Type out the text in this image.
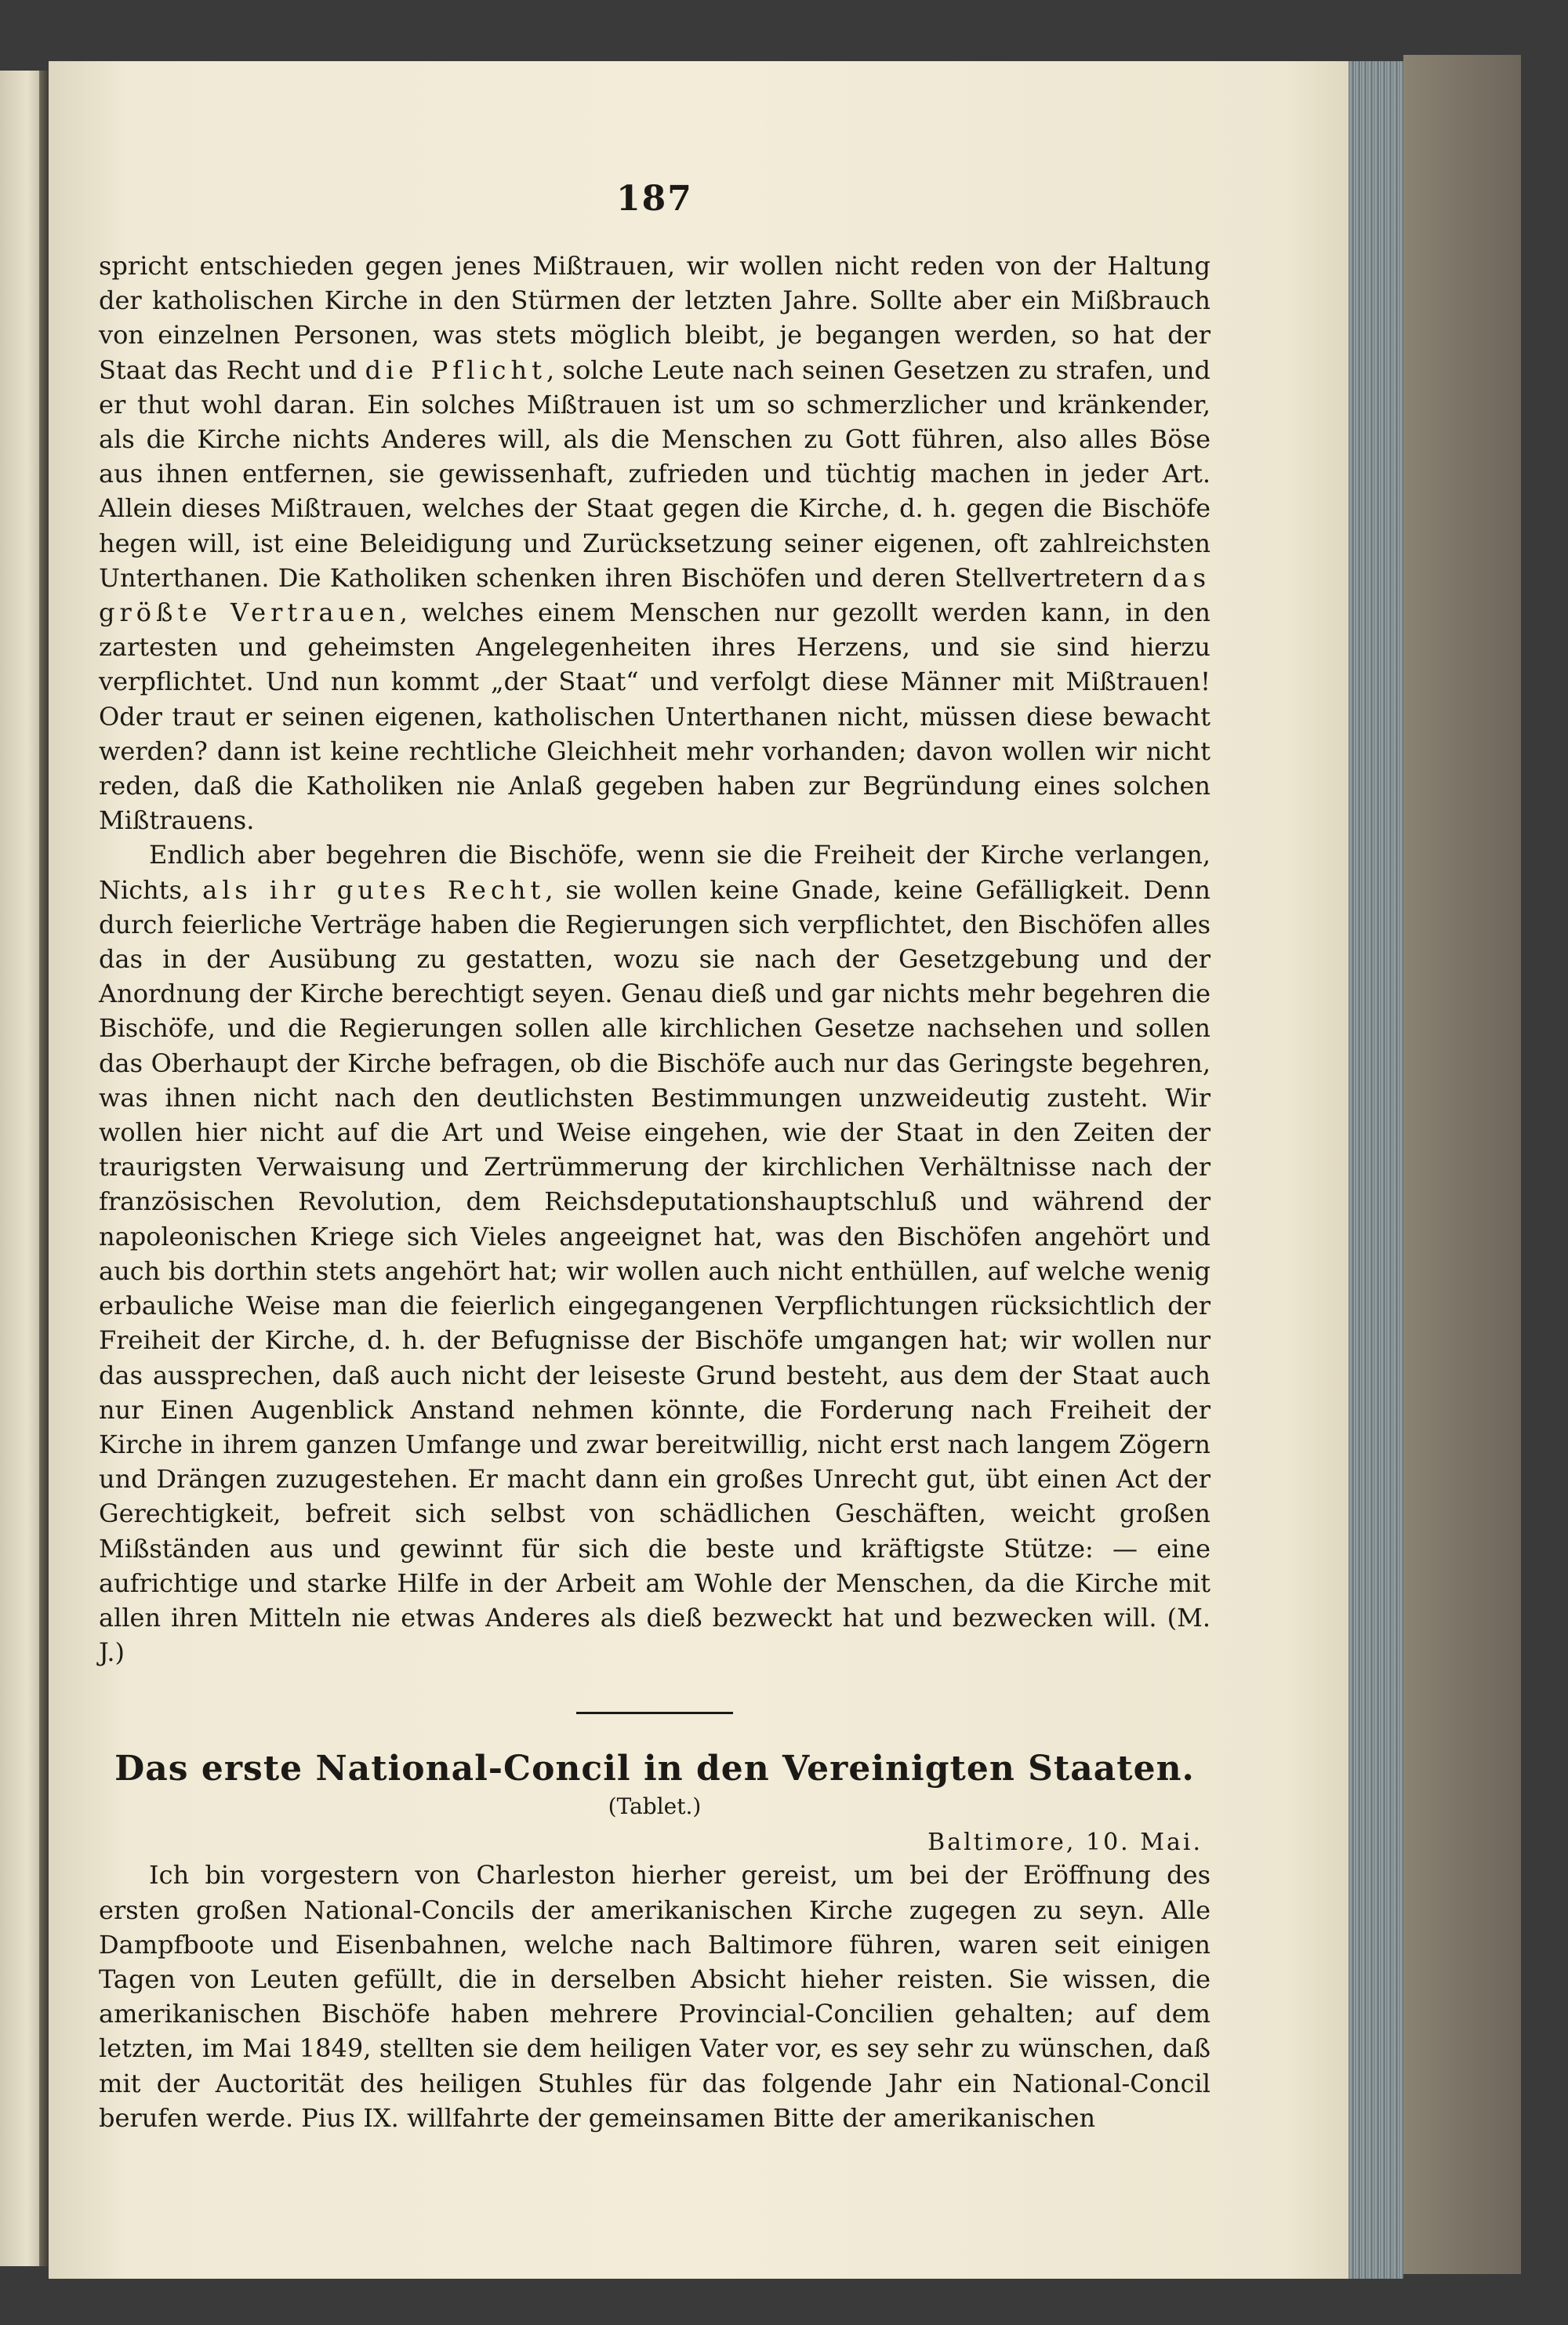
187

spricht entschieden gegen jenes Mißtrauen, wir wollen nicht reden von der Haltung der katholischen Kirche in den Stürmen der letzten Jahre. Sollte aber ein Mißbrauch von einzelnen Personen, was stets möglich bleibt, je begangen werden, so hat der Staat das Recht und die Pflicht, solche Leute nach seinen Gesetzen zu strafen, und er thut wohl daran. Ein solches Mißtrauen ist um so schmerzlicher und kränkender, als die Kirche nichts Anderes will, als die Menschen zu Gott führen, also alles Böse aus ihnen entfernen, sie gewissenhaft, zufrieden und tüchtig machen in jeder Art. Allein dieses Mißtrauen, welches der Staat gegen die Kirche, d. h. gegen die Bischöfe hegen will, ist eine Beleidigung und Zurücksetzung seiner eigenen, oft zahlreichsten Unterthanen. Die Katholiken schenken ihren Bischöfen und deren Stellvertretern das größte Vertrauen, welches einem Menschen nur gezollt werden kann, in den zartesten und geheimsten Angelegenheiten ihres Herzens, und sie sind hierzu verpflichtet. Und nun kommt „der Staat“ und verfolgt diese Männer mit Mißtrauen! Oder traut er seinen eigenen, katholischen Unterthanen nicht, müssen diese bewacht werden? dann ist keine rechtliche Gleichheit mehr vorhanden; davon wollen wir nicht reden, daß die Katholiken nie Anlaß gegeben haben zur Begründung eines solchen Mißtrauens.

Endlich aber begehren die Bischöfe, wenn sie die Freiheit der Kirche verlangen, Nichts, als ihr gutes Recht, sie wollen keine Gnade, keine Gefälligkeit. Denn durch feierliche Verträge haben die Regierungen sich verpflichtet, den Bischöfen alles das in der Ausübung zu gestatten, wozu sie nach der Gesetzgebung und der Anordnung der Kirche berechtigt seyen. Genau dieß und gar nichts mehr begehren die Bischöfe, und die Regierungen sollen alle kirchlichen Gesetze nachsehen und sollen das Oberhaupt der Kirche befragen, ob die Bischöfe auch nur das Geringste begehren, was ihnen nicht nach den deutlichsten Bestimmungen unzweideutig zusteht. Wir wollen hier nicht auf die Art und Weise eingehen, wie der Staat in den Zeiten der traurigsten Verwaisung und Zertrümmerung der kirchlichen Verhältnisse nach der französischen Revolution, dem Reichsdeputationshauptschluß und während der napoleonischen Kriege sich Vieles angeeignet hat, was den Bischöfen angehört und auch bis dorthin stets angehört hat; wir wollen auch nicht enthüllen, auf welche wenig erbauliche Weise man die feierlich eingegangenen Verpflichtungen rücksichtlich der Freiheit der Kirche, d. h. der Befugnisse der Bischöfe umgangen hat; wir wollen nur das aussprechen, daß auch nicht der leiseste Grund besteht, aus dem der Staat auch nur Einen Augenblick Anstand nehmen könnte, die Forderung nach Freiheit der Kirche in ihrem ganzen Umfange und zwar bereitwillig, nicht erst nach langem Zögern und Drängen zuzugestehen. Er macht dann ein großes Unrecht gut, übt einen Act der Gerechtigkeit, befreit sich selbst von schädlichen Geschäften, weicht großen Mißständen aus und gewinnt für sich die beste und kräftigste Stütze: — eine aufrichtige und starke Hilfe in der Arbeit am Wohle der Menschen, da die Kirche mit allen ihren Mitteln nie etwas Anderes als dieß bezweckt hat und bezwecken will. (M. J.)

Das erste National-Concil in den Vereinigten Staaten.
(Tablet.)
Baltimore, 10. Mai.

Ich bin vorgestern von Charleston hierher gereist, um bei der Eröffnung des ersten großen National-Concils der amerikanischen Kirche zugegen zu seyn. Alle Dampfboote und Eisenbahnen, welche nach Baltimore führen, waren seit einigen Tagen von Leuten gefüllt, die in derselben Absicht hieher reisten. Sie wissen, die amerikanischen Bischöfe haben mehrere Provincial-Concilien gehalten; auf dem letzten, im Mai 1849, stellten sie dem heiligen Vater vor, es sey sehr zu wünschen, daß mit der Auctorität des heiligen Stuhles für das folgende Jahr ein National-Concil berufen werde. Pius IX. willfahrte der gemeinsamen Bitte der amerikanischen
